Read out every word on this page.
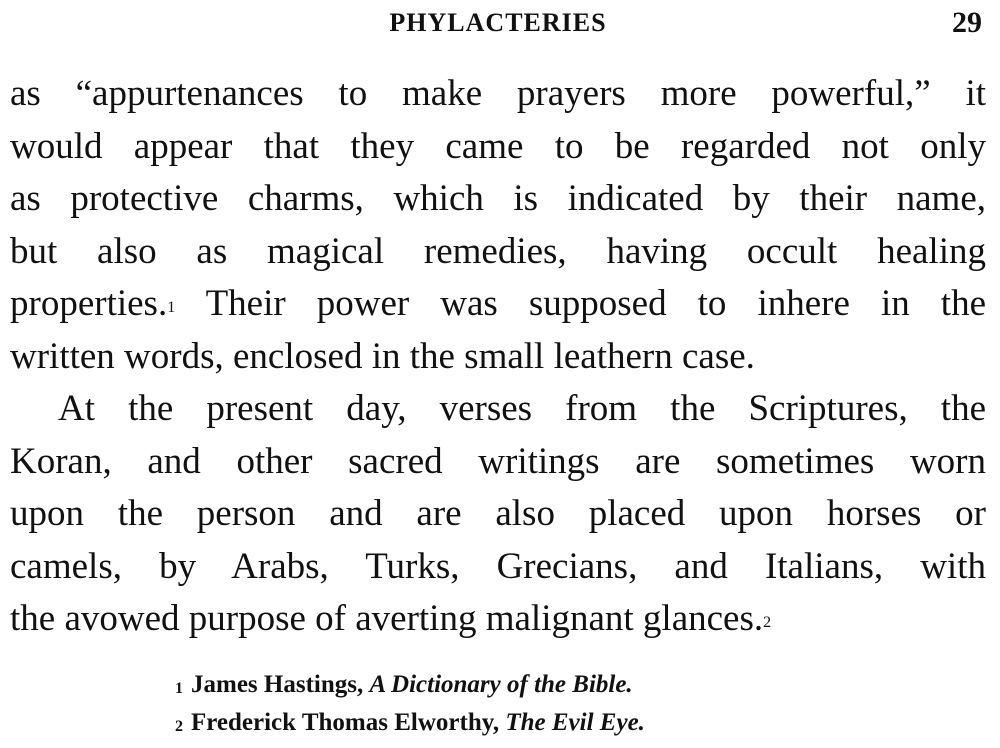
PHYLACTERIES	29
as “appurtenances to make prayers more powerful,” it
would appear that they came to be regarded not only
as protective charms, which is indicated by their name,
but also as magical remedies, having occult healing
properties.$^1$ Their power was supposed to inhere in the
written words, enclosed in the small leathern case.
At the present day, verses from the Scriptures, the
Koran, and other sacred writings are sometimes worn
upon the person and are also placed upon horses or
camels, by Arabs, Turks, Grecians, and Italians, with
the avowed purpose of averting malignant glances.$^2$
$^1$ James Hastings, A Dictionary of the Bible.
$^2$ Frederick Thomas Elworthy, The Evil Eye.
